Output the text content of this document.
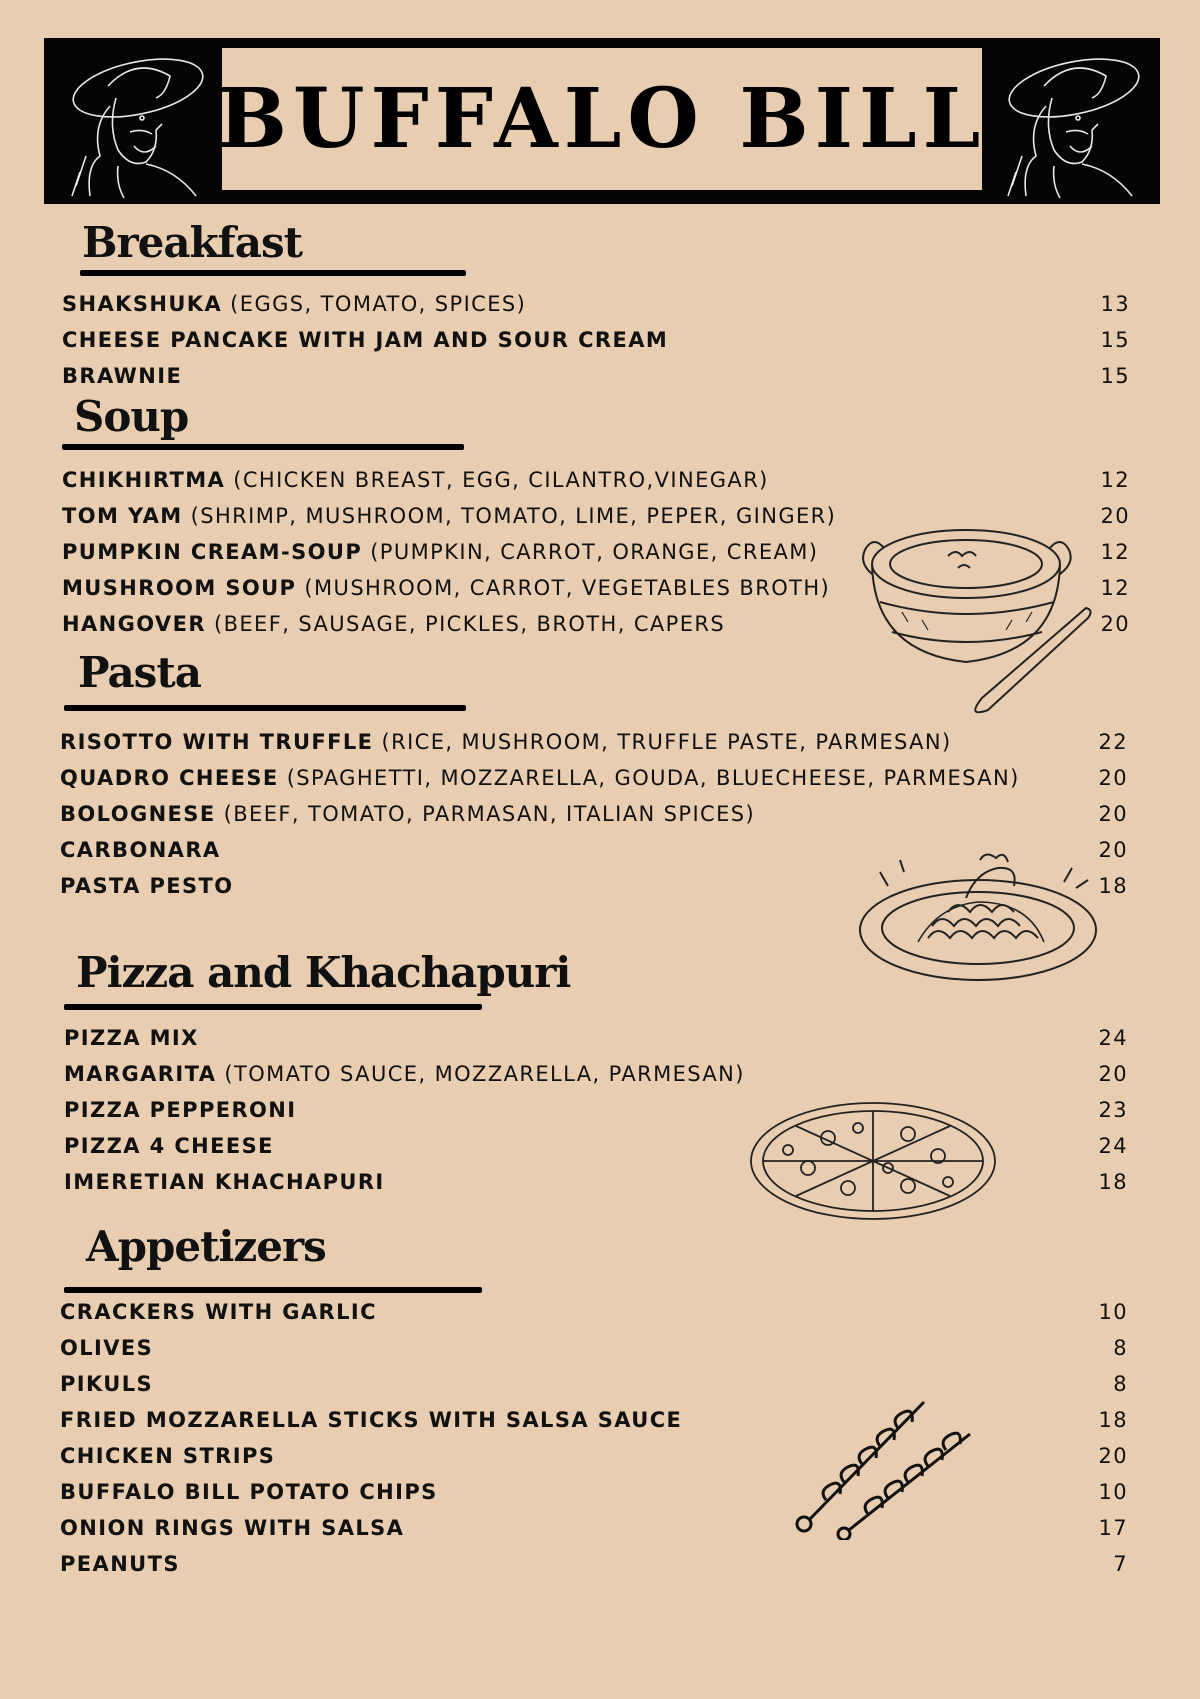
BUFFALO BILL
Breakfast
SHAKSHUKA (EGGS, TOMATO, SPICES)	13
CHEESE PANCAKE WITH JAM AND SOUR CREAM	15
BRAWNIE	15
Soup
CHIKHIRTMA (CHICKEN BREAST, EGG, CILANTRO,VINEGAR)	12
TOM YAM (SHRIMP, MUSHROOM, TOMATO, LIME, PEPER, GINGER)	20
PUMPKIN CREAM-SOUP (PUMPKIN, CARROT, ORANGE, CREAM)	12
MUSHROOM SOUP (MUSHROOM, CARROT, VEGETABLES BROTH)	12
HANGOVER (BEEF, SAUSAGE, PICKLES, BROTH, CAPERS	20
Pasta
RISOTTO WITH TRUFFLE (RICE, MUSHROOM, TRUFFLE PASTE, PARMESAN)	22
QUADRO CHEESE (SPAGHETTI, MOZZARELLA, GOUDA, BLUECHEESE, PARMESAN)	20
BOLOGNESE (BEEF, TOMATO, PARMASAN, ITALIAN SPICES)	20
CARBONARA	20
PASTA PESTO	18
Pizza and Khachapuri
PIZZA MIX	24
MARGARITA (TOMATO SAUCE, MOZZARELLA, PARMESAN)	20
PIZZA PEPPERONI	23
PIZZA 4 CHEESE	24
IMERETIAN KHACHAPURI	18
Appetizers
CRACKERS WITH GARLIC	10
OLIVES	8
PIKULS	8
FRIED MOZZARELLA STICKS WITH SALSA SAUCE	18
CHICKEN STRIPS	20
BUFFALO BILL POTATO CHIPS	10
ONION RINGS WITH SALSA	17
PEANUTS	7
